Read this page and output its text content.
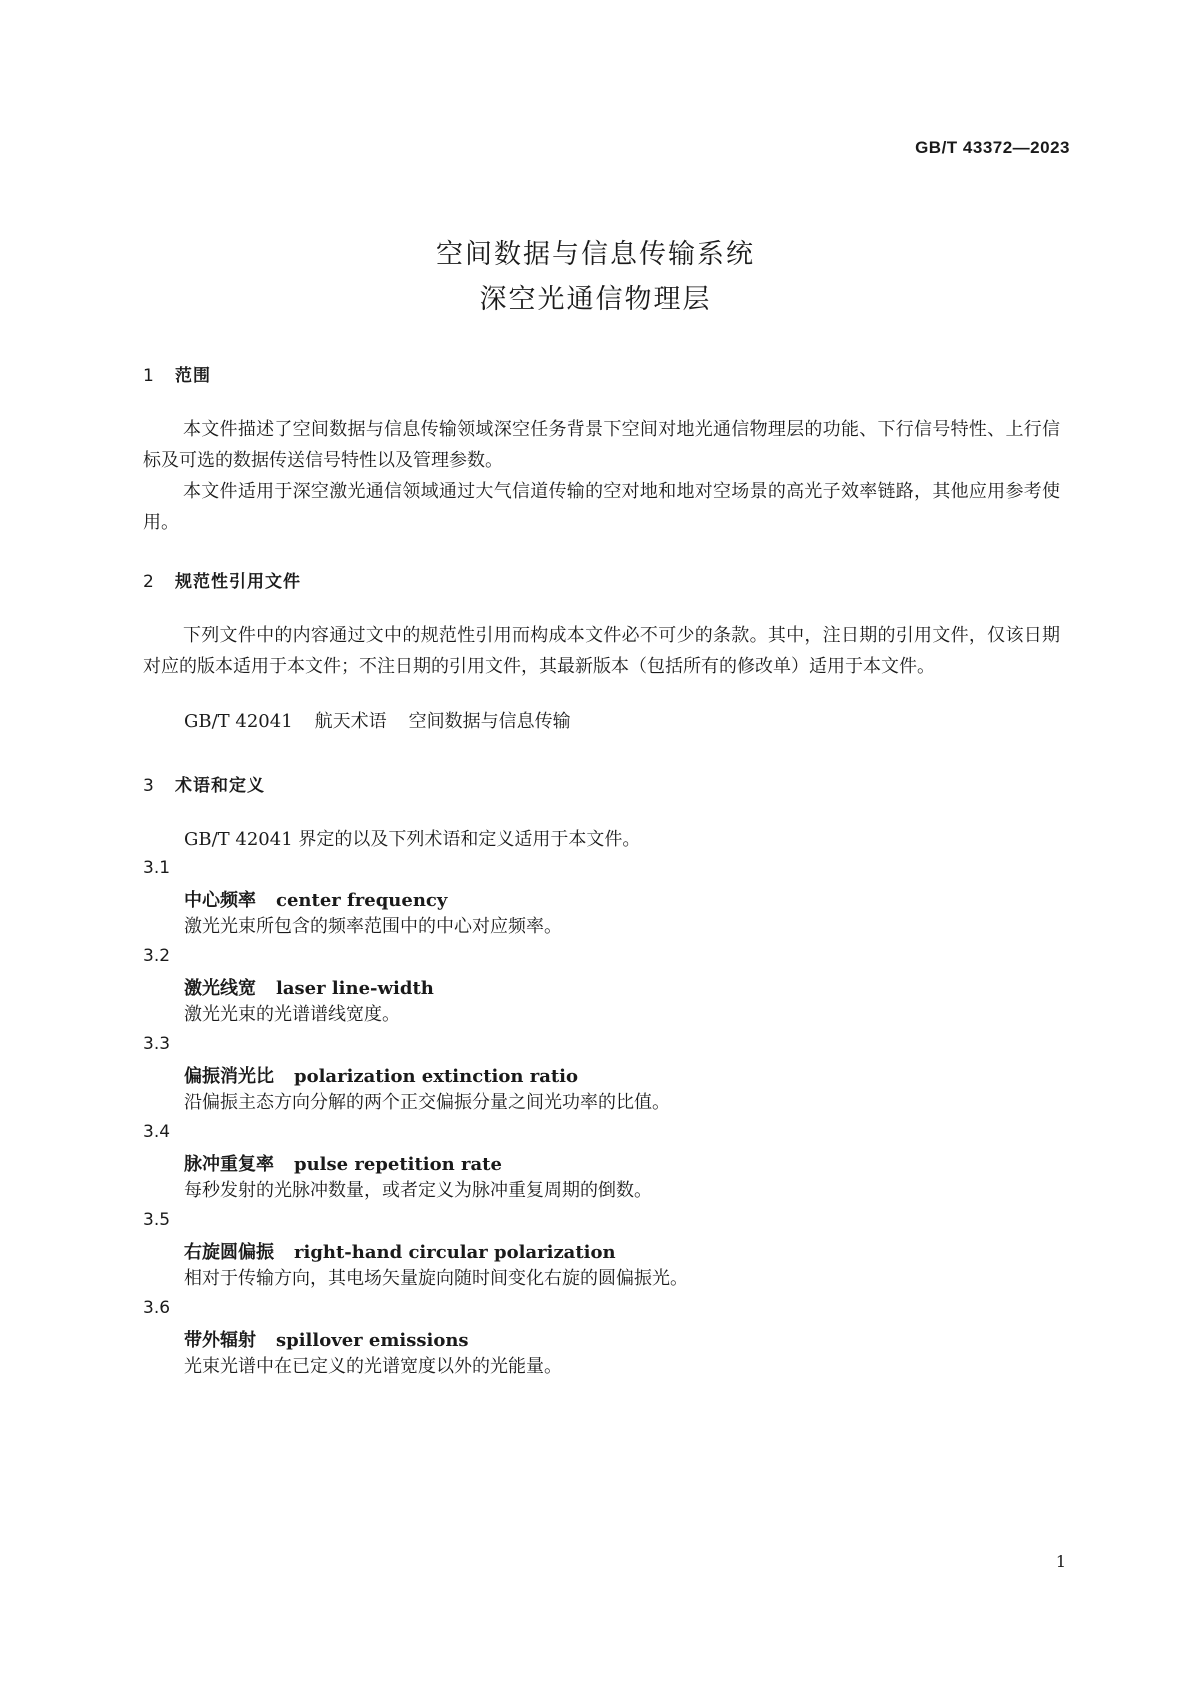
GB/T 43372—2023
空间数据与信息传输系统
深空光通信物理层
1 范围

本文件描述了空间数据与信息传输领域深空任务背景下空间对地光通信物理层的功能、下行信号特性、上行信标及可选的数据传送信号特性以及管理参数。

本文件适用于深空激光通信领域通过大气信道传输的空对地和地对空场景的高光子效率链路，其他应用参考使用。

2 规范性引用文件

下列文件中的内容通过文中的规范性引用而构成本文件必不可少的条款。其中，注日期的引用文件，仅该日期对应的版本适用于本文件；不注日期的引用文件，其最新版本（包括所有的修改单）适用于本文件。

GB/T 42041 航天术语 空间数据与信息传输
3 术语和定义
GB/T 42041 界定的以及下列术语和定义适用于本文件。
3.1
中心频率 center frequency
激光光束所包含的频率范围中的中心对应频率。
3.2
激光线宽 laser line-width
激光光束的光谱谱线宽度。
3.3
偏振消光比 polarization extinction ratio
沿偏振主态方向分解的两个正交偏振分量之间光功率的比值。
3.4
脉冲重复率 pulse repetition rate
每秒发射的光脉冲数量，或者定义为脉冲重复周期的倒数。
3.5
右旋圆偏振 right-hand circular polarization
相对于传输方向，其电场矢量旋向随时间变化右旋的圆偏振光。
3.6
带外辐射 spillover emissions
光束光谱中在已定义的光谱宽度以外的光能量。
1
